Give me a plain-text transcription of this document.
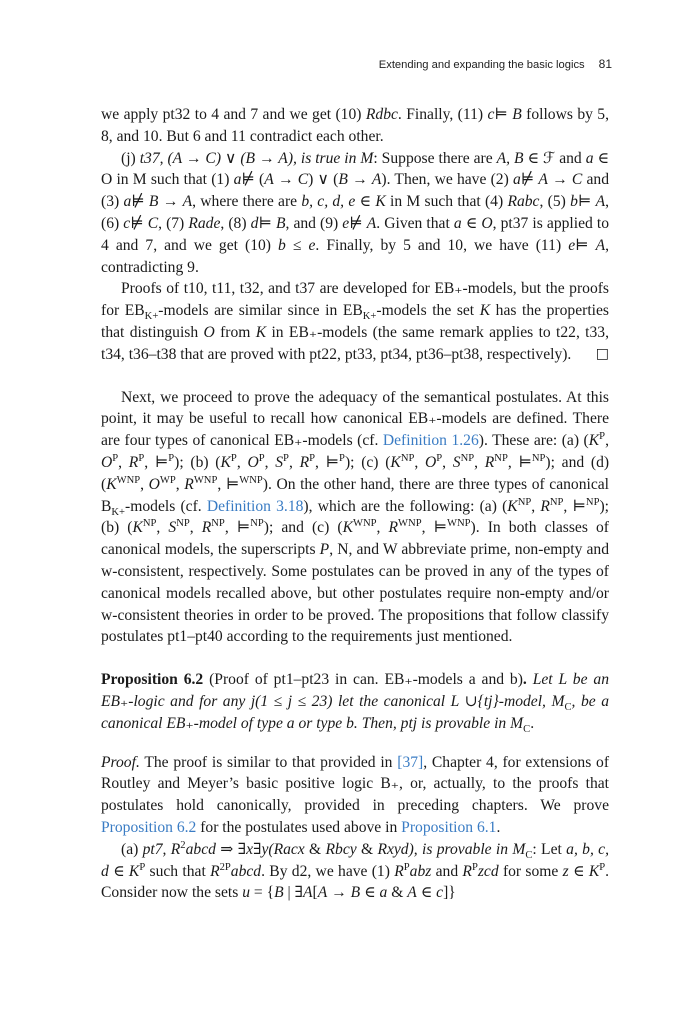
Extending and expanding the basic logics 81

we apply pt32 to 4 and 7 and we get (10) Rdbc. Finally, (11) c⊨ B follows by 5, 8, and 10. But 6 and 11 contradict each other.

(j) t37, (A → C) ∨ (B → A), is true in M: Suppose there are A, B ∈ ℱ and a ∈ O in M such that (1) a⊭ (A → C) ∨ (B → A). Then, we have (2) a⊭ A → C and (3) a⊭ B → A, where there are b, c, d, e ∈ K in M such that (4) Rabc, (5) b⊨ A, (6) c⊭ C, (7) Rade, (8) d⊨ B, and (9) e⊭ A. Given that a ∈ O, pt37 is applied to 4 and 7, and we get (10) b ≤ e. Finally, by 5 and 10, we have (11) e⊨ A, contradicting 9.

Proofs of t10, t11, t32, and t37 are developed for EB₊-models, but the proofs for $EB_{K+}$-models are similar since in $EB_{K+}$-models the set K has the properties that distinguish O from K in EB₊-models (the same remark applies to t22, t33, t34, t36–t38 that are proved with pt22, pt33, pt34, pt36–pt38, respectively).	□

Next, we proceed to prove the adequacy of the semantical postulates. At this point, it may be useful to recall how canonical EB₊-models are defined. There are four types of canonical EB₊-models (cf. Definition 1.26). These are: (a) ($K^P$, $O^P$, $R^P$, ⊨$^P$); (b) ($K^P$, $O^P$, $S^P$, $R^P$, ⊨$^P$); (c) ($K^{NP}$, $O^P$, $S^{NP}$, $R^{NP}$, ⊨$^{NP}$); and (d) ($K^{WNP}$, $O^{WP}$, $R^{WNP}$, ⊨$^{WNP}$). On the other hand, there are three types of canonical $B_{K+}$-models (cf. Definition 3.18), which are the following: (a) ($K^{NP}$, $R^{NP}$, ⊨$^{NP}$); (b) ($K^{NP}$, $S^{NP}$, $R^{NP}$, ⊨$^{NP}$); and (c) ($K^{WNP}$, $R^{WNP}$, ⊨$^{WNP}$). In both classes of canonical models, the superscripts P, N, and W abbreviate prime, non-empty and w-consistent, respectively. Some postulates can be proved in any of the types of canonical models recalled above, but other postulates require non-empty and/or w-consistent theories in order to be proved. The propositions that follow classify postulates pt1–pt40 according to the requirements just mentioned.

Proposition 6.2 (Proof of pt1–pt23 in can. EB₊-models a and b). Let L be an EB₊-logic and for any j(1 ≤ j ≤ 23) let the canonical L ∪{tj}-model, $M_C$, be a canonical EB₊-model of type a or type b. Then, ptj is provable in $M_C$.

Proof. The proof is similar to that provided in [37], Chapter 4, for extensions of Routley and Meyer’s basic positive logic B₊, or, actually, to the proofs that postulates hold canonically, provided in preceding chapters. We prove Proposition 6.2 for the postulates used above in Proposition 6.1.

(a) pt7, $R^2abcd$ ⇒ ∃x∃y(Racx & Rbcy & Rxyd), is provable in $M_C$: Let a, b, c, d ∈ $K^P$ such that $R^{2P}abcd$. By d2, we have (1) $R^Pabz$ and $R^Pzcd$ for some z ∈ $K^P$. Consider now the sets u = {B | ∃A[A → B ∈ a & A ∈ c]}
